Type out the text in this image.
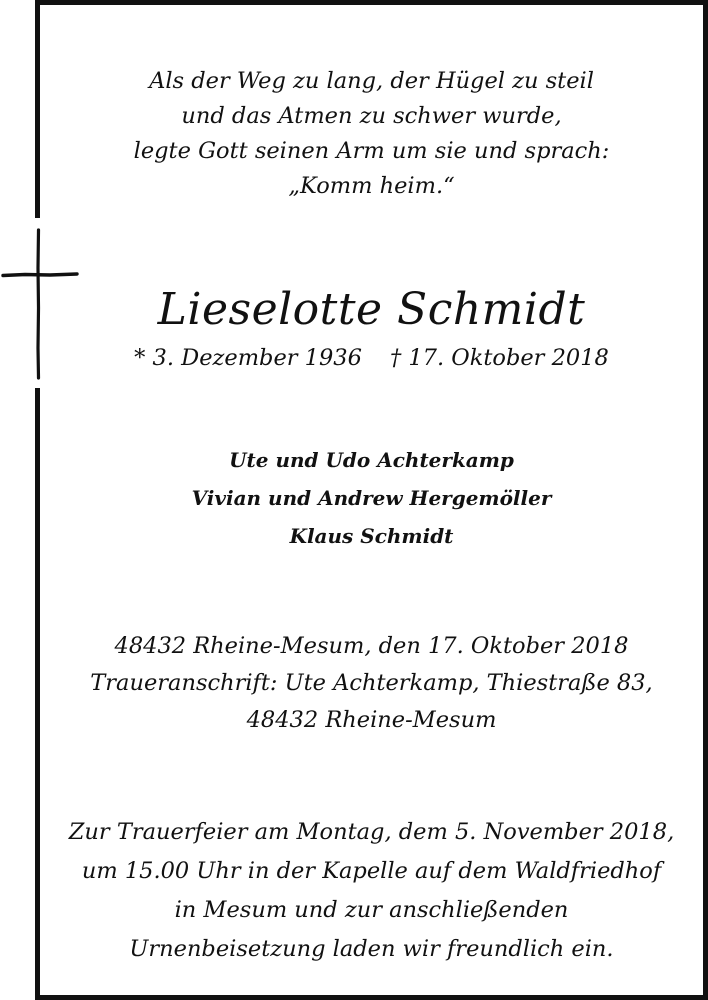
Als der Weg zu lang, der Hügel zu steil
und das Atmen zu schwer wurde,
legte Gott seinen Arm um sie und sprach:
„Komm heim.“
Lieselotte Schmidt
* 3. Dezember 1936 † 17. Oktober 2018
Ute und Udo Achterkamp
Vivian und Andrew Hergemöller
Klaus Schmidt
48432 Rheine-Mesum, den 17. Oktober 2018
Traueranschrift: Ute Achterkamp, Thiestraße 83,
48432 Rheine-Mesum
Zur Trauerfeier am Montag, dem 5. November 2018,
um 15.00 Uhr in der Kapelle auf dem Waldfriedhof
in Mesum und zur anschließenden
Urnenbeisetzung laden wir freundlich ein.
